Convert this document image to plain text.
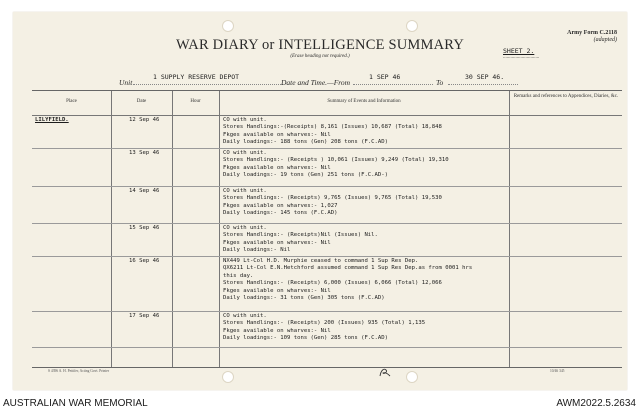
Army Form C.2118
(adapted)
WAR DIARY or INTELLIGENCE SUMMARY
(Erase heading not required.)
SHEET 2.
.............................
Unit
1 SUPPLY RESERVE DEPOT
Date and Time.—From
1 SEP 46
To
30 SEP 46.
Place	Date	Hour	Summary of Events and Information
Remarks and references to Appendices, Diaries, &c.
LILYFIELD.	12 Sep 46	CO with unit.
Stores Handlings:-(Receipts) 8,161 (Issues) 10,687 (Total) 18,848
Fkges available on wharves:- Nil
Daily loadings:- 188 tons (Gen) 208 tons (F.C.AD)
13 Sep 46	CO with unit.
Stores Handlings:- (Receipts ) 10,061 (Issues) 9,249 (Total) 19,310
Fkges available on wharves:- Nil
Daily loadings:- 19 tons (Gen) 251 tons (F.C.AD-)
14 Sep 46	CO with unit.
Stores Handlings:- (Receipts) 9,765 (Issues) 9,765 (Total) 19,530
Fkges available on wharves:- 1,027
Daily loadings:- 145 tons (F.C.AD)
15 Sep 46	CO with unit.
Stores Handlings:- (Receipts)Nil (Issues) Nil.
Fkges available on wharves:- Nil
Daily loadings:- Nil
16 Sep 46	NX449 Lt-Col H.D. Murphie ceased to command 1 Sup Res Dep.
QX6211 Lt-Col E.N.Hetchford assumed command 1 Sup Res Dep.as from 0001 hrs
this day.
Stores Handlings:- (Receipts) 6,000 (Issues) 6,066 (Total) 12,066
Fkges available on wharves:- Nil
Daily loadings:- 31 tons (Gen) 305 tons (F.C.AD)
17 Sep 46	CO with unit.
Stores Handlings:- (Receipts) 200 (Issues) 935 (Total) 1,135
Fkges available on wharves:- Nil
Daily loadings:- 109 tons (Gen) 285 tons (F.C.AD)
S 4396 A. H. Pettifer, Acting Govt. Printer	10/46 345
AUSTRALIAN WAR MEMORIAL	AWM2022.5.2634
